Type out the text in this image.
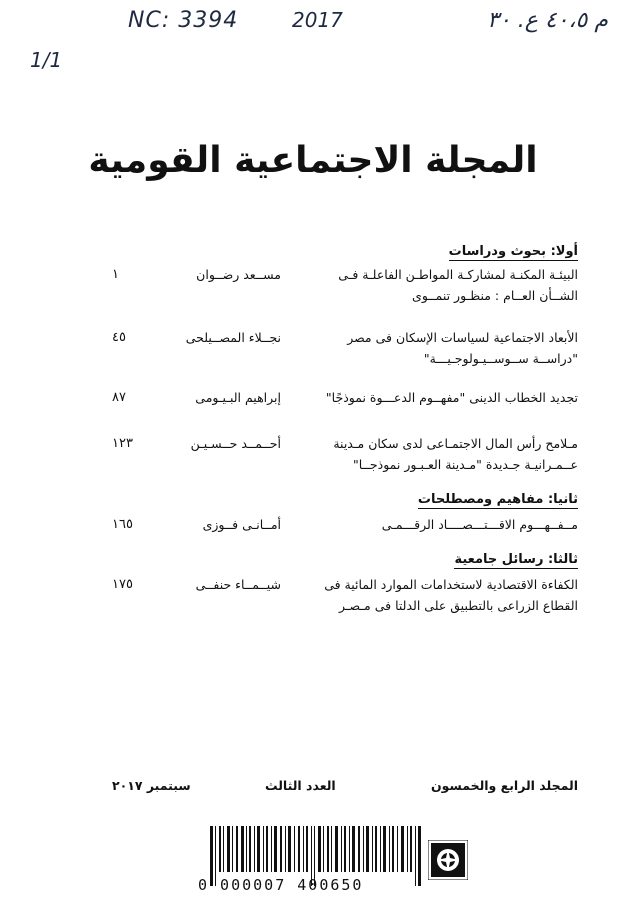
NC: 3394	2017	م ٤٠،٥ ع. ٣٠
1/1
المجلة الاجتماعية القومية
أولا: بحوث ودراسات
البيئـة المكنـة لمشاركـة المواطـن الفاعلـة فـى
الشــأن العــام : منظـور تنمــوى
مســعد رضــوان
١
الأبعاد الاجتماعية لسياسات الإسكان فى مصر
"دراســة ســوســيـولوجـيـــة"
نجــلاء المصــيلحى
٤٥
تجديد الخطاب الدينى "مفهــوم الدعـــوة نموذجًا"
إبراهيم البـيـومى
٨٧
مـلامح رأس المال الاجتمـاعى لدى سكان مـدينة
عــمـرانيـة جـديدة "مـدينة العـبـور نموذجــا"
أحــمــد حــسـيـن
١٢٣
ثانيا: مفاهيم ومصطلحات
مــفــهـــوم الاقـــتـــصــــاد الرقـــمـى
أمــانـى فــوزى
١٦٥
ثالثا: رسائل جامعية
الكفاءة الاقتصادية لاستخدامات الموارد المائية فى
القطاع الزراعى بالتطبيق على الدلتا فى مـصـر
شيــمــاء حنفــى
١٧٥
المجلد الرابع والخمسون
العدد الثالث
سبتمبر ٢٠١٧
0 000007 400650
